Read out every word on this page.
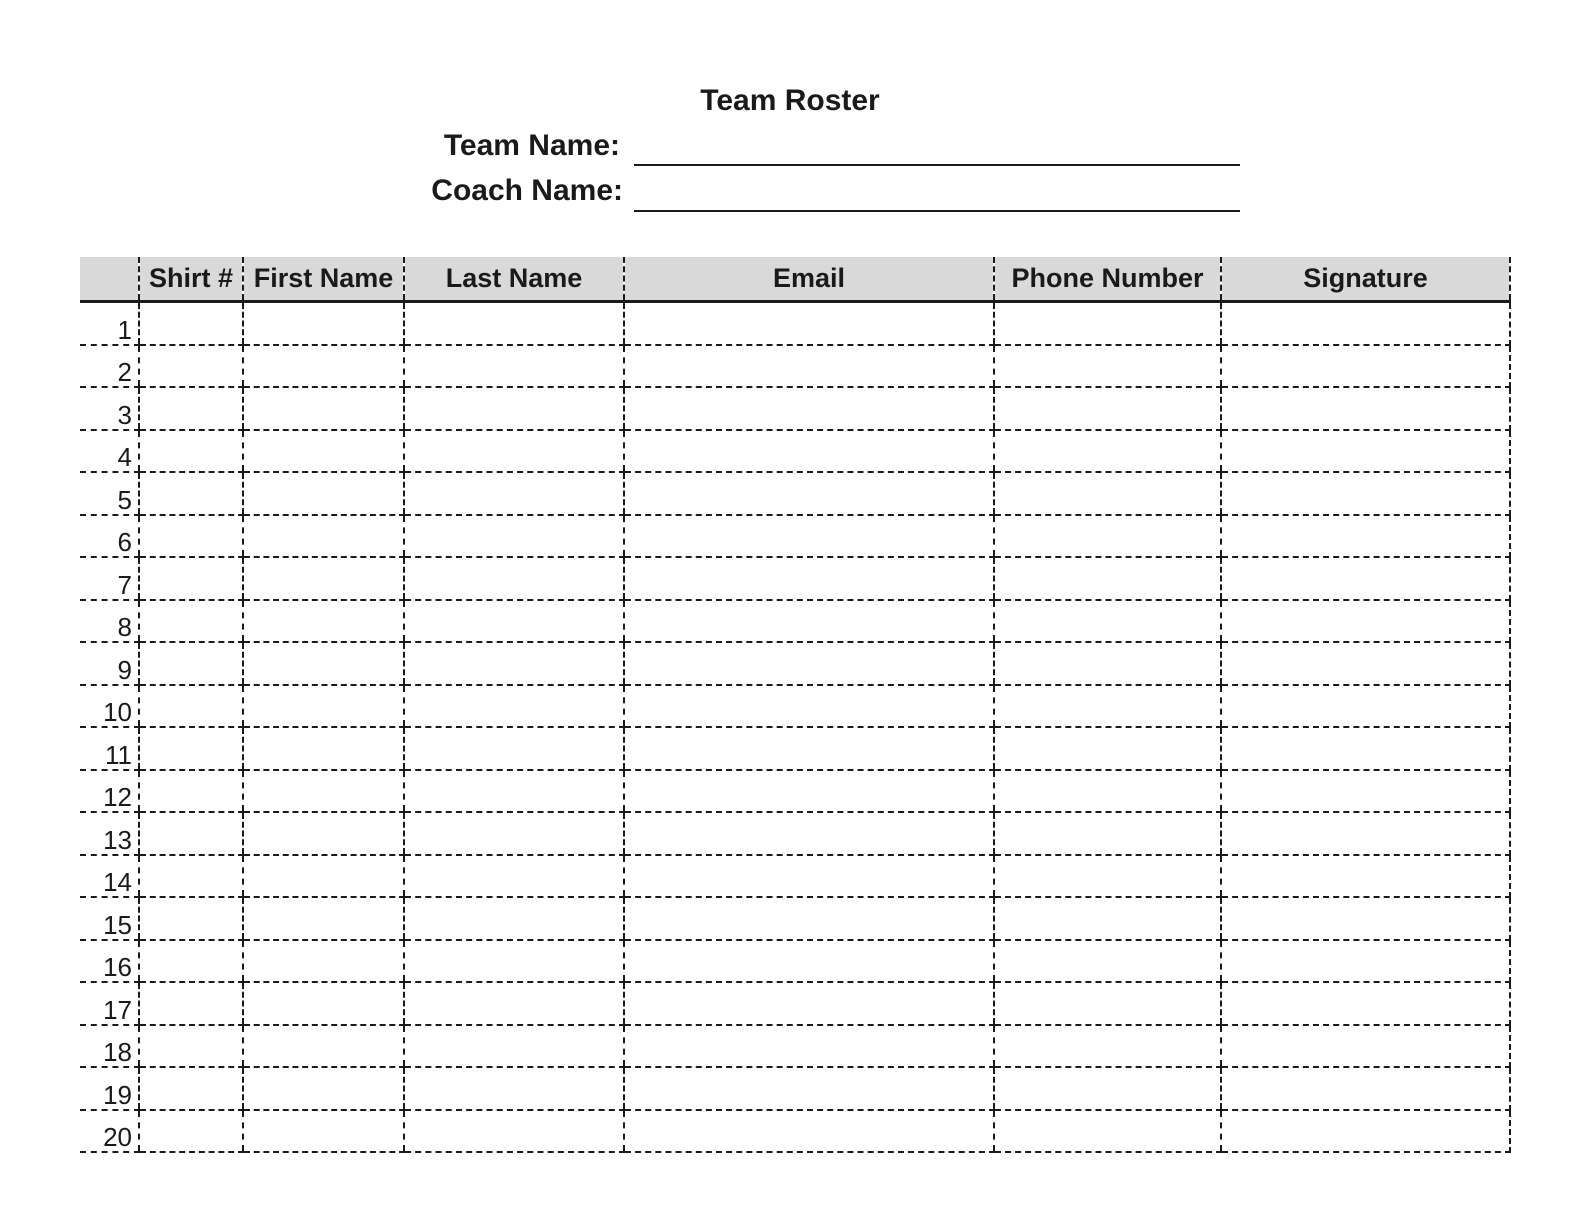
Team Roster
Team Name:
Coach Name:
	Shirt #	First Name	Last Name	Email	Phone Number	Signature
1						
2						
3						
4						
5						
6						
7						
8						
9						
10						
11						
12						
13						
14						
15						
16						
17						
18						
19						
20						
